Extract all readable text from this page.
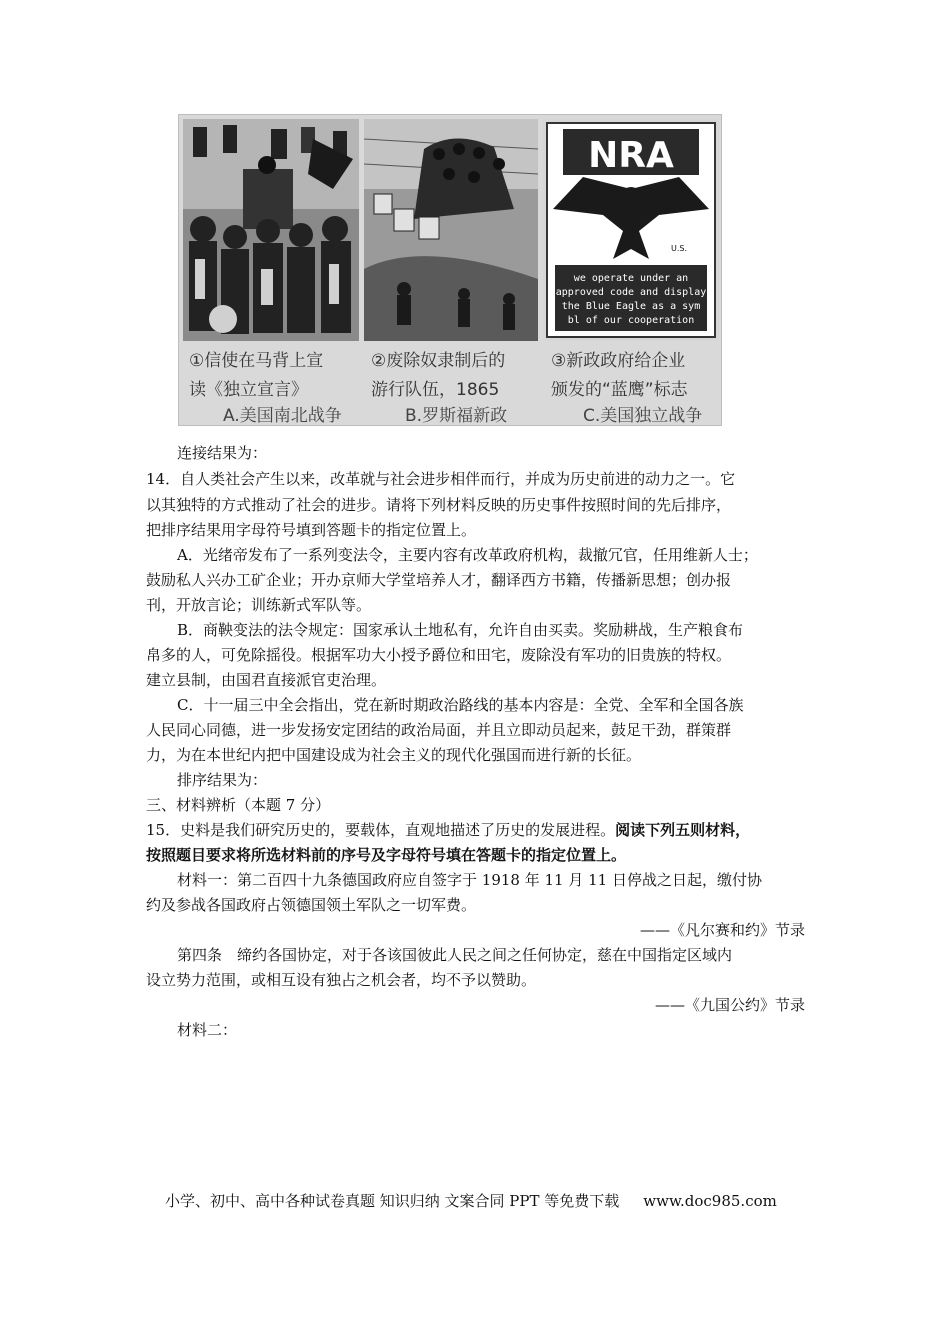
NRA
U.S.
we operate under an
approved code and display
the Blue Eagle as a sym
bl of our cooperation
①信使在马背上宣
读《独立宣言》
②废除奴隶制后的
游行队伍，1865
③新政政府给企业
颁发的“蓝鹰”标志
A.美国南北战争	B.罗斯福新政	C.美国独立战争
连接结果为：
14．自人类社会产生以来，改革就与社会进步相伴而行，并成为历史前进的动力之一。它
以其独特的方式推动了社会的进步。请将下列材料反映的历史事件按照时间的先后排序，
把排序结果用字母符号填到答题卡的指定位置上。
A．光绪帝发布了一系列变法令，主要内容有改革政府机构，裁撤冗官，任用维新人士；
鼓励私人兴办工矿企业；开办京师大学堂培养人才，翻译西方书籍，传播新思想；创办报
刊，开放言论；训练新式军队等。
B．商鞅变法的法令规定：国家承认土地私有，允许自由买卖。奖励耕战，生产粮食布
帛多的人，可免除摇役。根据军功大小授予爵位和田宅，废除没有军功的旧贵族的特权。
建立县制，由国君直接派官吏治理。
C．十一届三中全会指出，党在新时期政治路线的基本内容是：全党、全军和全国各族
人民同心同德，进一步发扬安定团结的政治局面，并且立即动员起来，鼓足干劲，群策群
力，为在本世纪内把中国建设成为社会主义的现代化强国而进行新的长征。
排序结果为：
三、材料辨析（本题 7 分）
15．史料是我们研究历史的，要载体，直观地描述了历史的发展进程。阅读下列五则材料，
按照题目要求将所选材料前的序号及字母符号填在答题卡的指定位置上。
材料一：第二百四十九条德国政府应自签字于 1918 年 11 月 11 日停战之日起，缴付协
约及参战各国政府占领德国领土军队之一切军费。
——《凡尔赛和约》节录
第四条　缔约各国协定，对于各该国彼此人民之间之任何协定，慈在中国指定区域内
设立势力范围，或相互设有独占之机会者，均不予以赞助。
——《九国公约》节录
材料二：
小学、初中、高中各种试卷真题 知识归纳 文案合同 PPT 等免费下载 www.doc985.com
